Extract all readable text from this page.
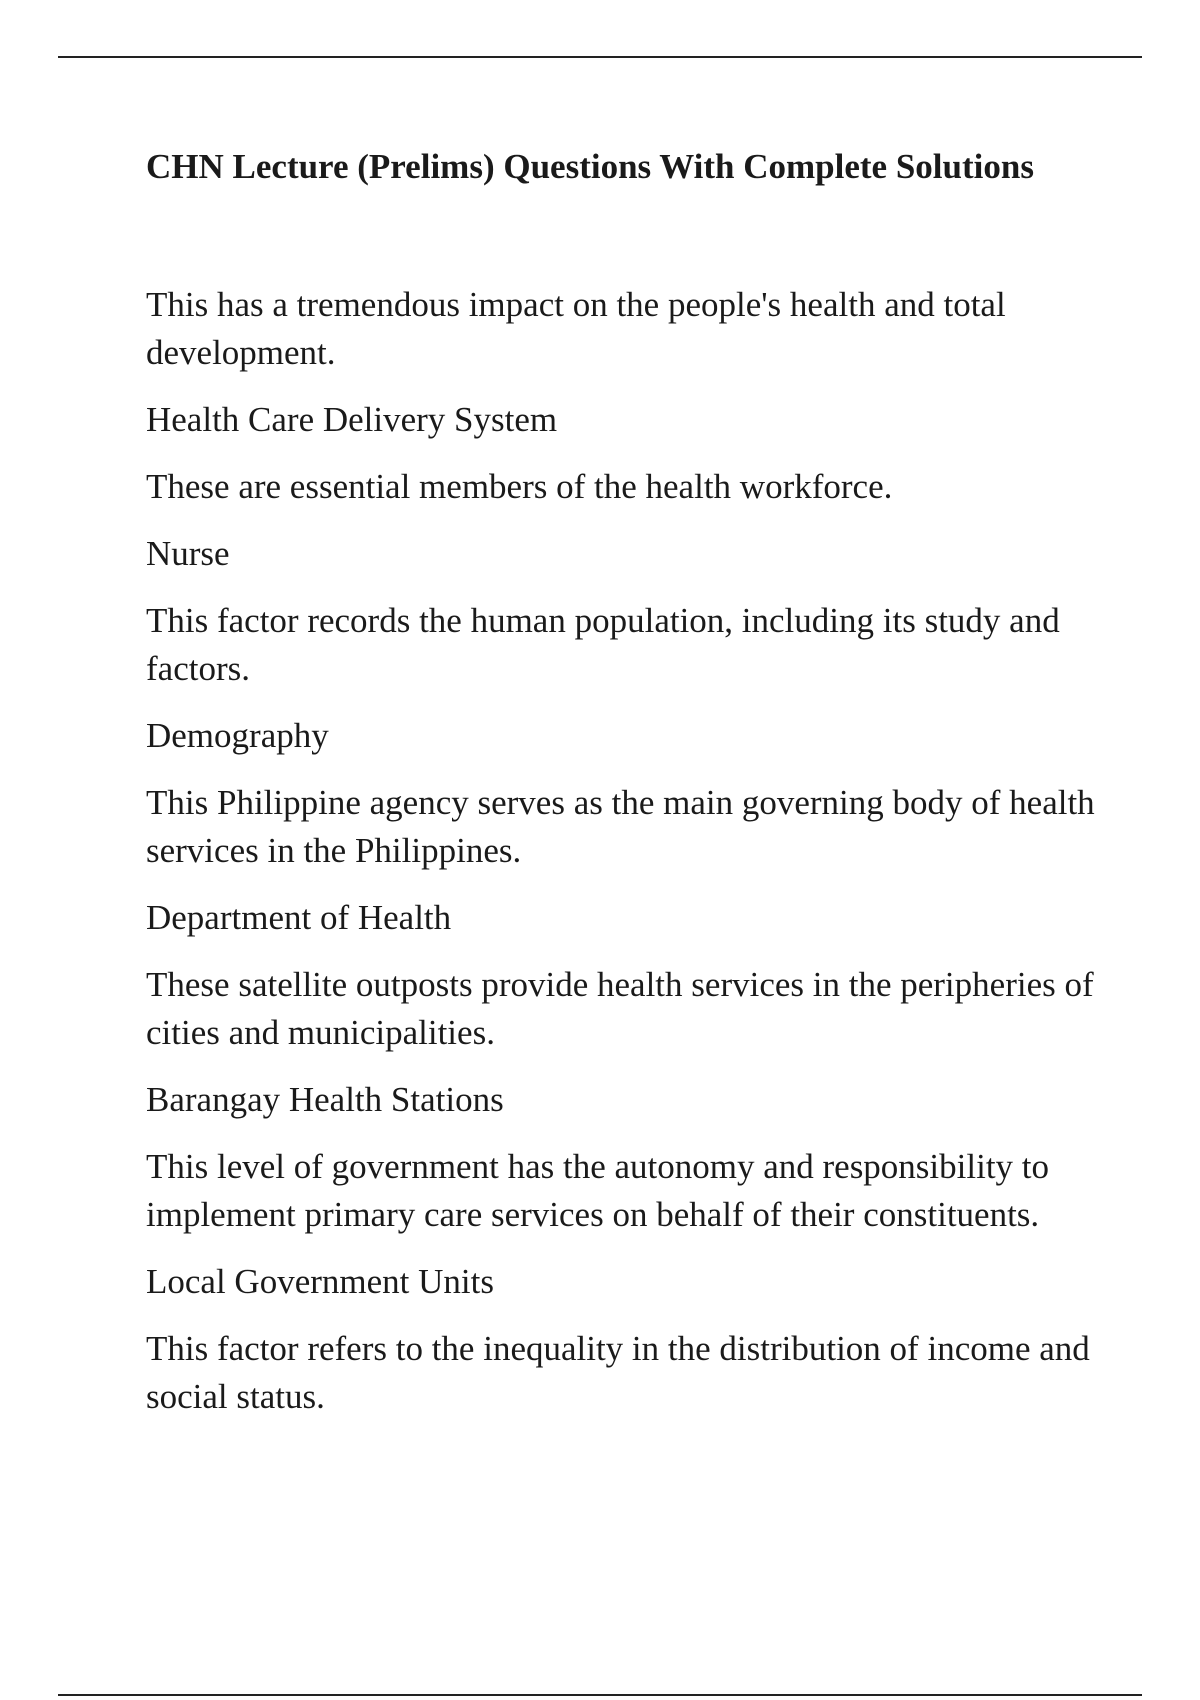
CHN Lecture (Prelims) Questions With Complete Solutions

This has a tremendous impact on the people's health and total development.

Health Care Delivery System

These are essential members of the health workforce.

Nurse

This factor records the human population, including its study and factors.

Demography

This Philippine agency serves as the main governing body of health services in the Philippines.

Department of Health

These satellite outposts provide health services in the peripheries of cities and municipalities.

Barangay Health Stations

This level of government has the autonomy and responsibility to implement primary care services on behalf of their constituents.

Local Government Units

This factor refers to the inequality in the distribution of income and social status.
